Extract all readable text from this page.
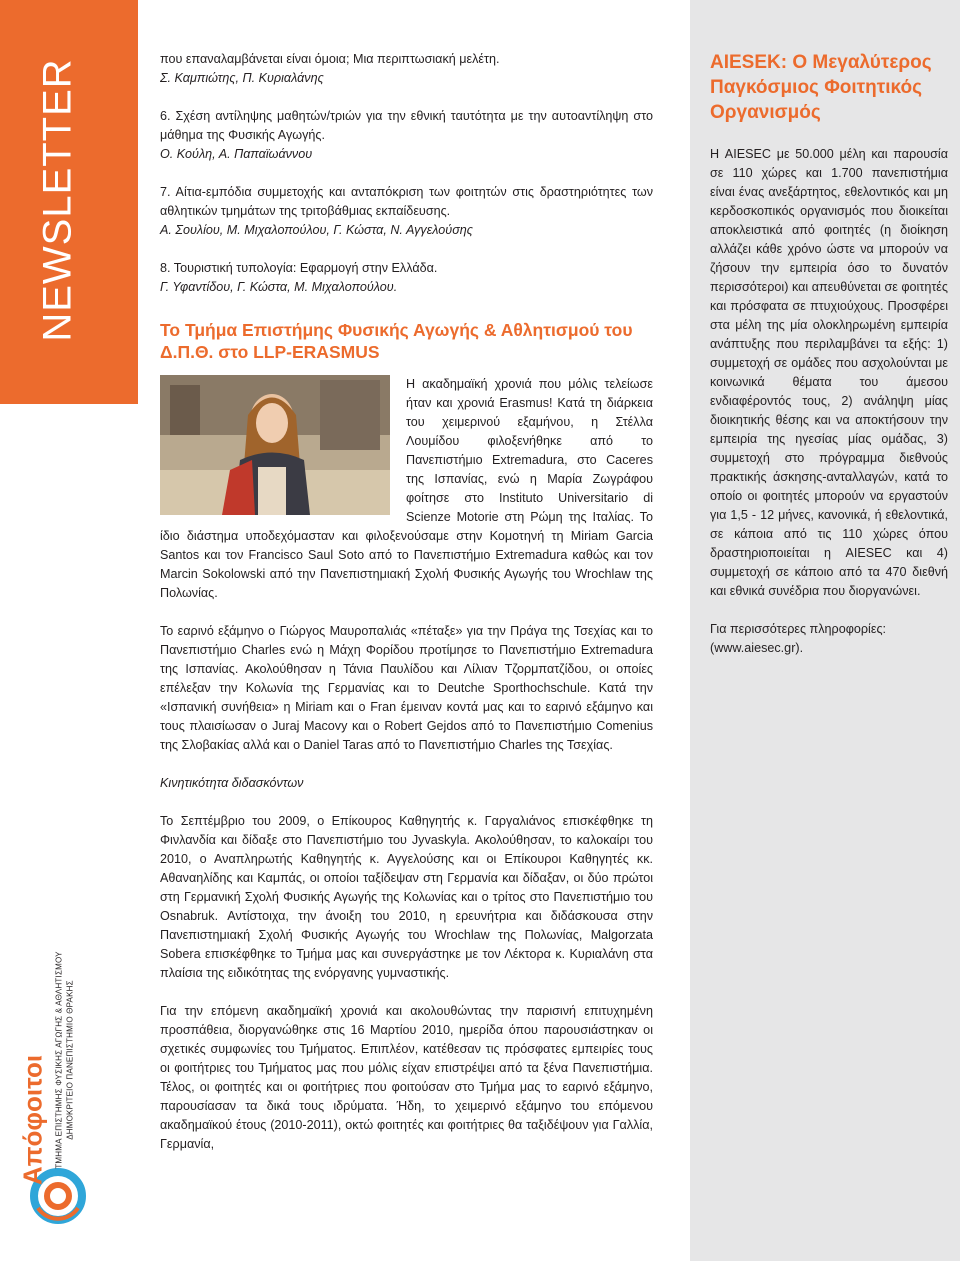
NEWSLETTER
Απόφοιτοι ΤΜΗΜΑ ΕΠΙΣΤΗΜΗΣ ΦΥΣΙΚΗΣ ΑΓΩΓΗΣ & ΑΘΛΗΤΙΣΜΟΥ ΔΗΜΟΚΡΙΤΕΙΟ ΠΑΝΕΠΙΣΤΗΜΙΟ ΘΡΑΚΗΣ

που επαναλαμβάνεται είναι όμοια; Μια περιπτωσιακή μελέτη.

Σ. Καμπιώτης, Π. Κυριαλάνης

6. Σχέση αντίληψης μαθητών/τριών για την εθνική ταυτότητα με την αυτοαντίληψη στο μάθημα της Φυσικής Αγωγής.

Ο. Κούλη, Α. Παπαϊωάννου

7. Αίτια-εμπόδια συμμετοχής και ανταπόκριση των φοιτητών στις δραστηριότητες των αθλητικών τμημάτων της τριτοβάθμιας εκπαίδευσης.

Α. Σουλίου, Μ. Μιχαλοπούλου, Γ. Κώστα, Ν. Αγγελούσης

8. Τουριστική τυπολογία: Εφαρμογή στην Ελλάδα.

Γ. Υφαντίδου, Γ. Κώστα, Μ. Μιχαλοπούλου.

Το Τμήμα Επιστήμης Φυσικής Αγωγής & Αθλητισμού του Δ.Π.Θ. στο LLP-ERASMUS

Η ακαδημαϊκή χρονιά που μόλις τελείωσε ήταν και χρονιά Erasmus! Κατά τη διάρκεια του χειμερινού εξαμήνου, η Στέλλα Λουμίδου φιλοξενήθηκε από το Πανεπιστήμιο Extremadura, στο Caceres της Ισπανίας, ενώ η Μαρία Ζωγράφου φοίτησε στο Instituto Universitario di Scienze Motorie στη Ρώμη της Ιταλίας. Το ίδιο διάστημα υποδεχόμασταν και φιλοξενούσαμε στην Κομοτηνή τη Miriam Garcia Santos και τον Francisco Saul Soto από το Πανεπιστήμιο Extremadura καθώς και τον Marcin Sokolowski από την Πανεπιστημιακή Σχολή Φυσικής Αγωγής του Wrochlaw της Πολωνίας.

Το εαρινό εξάμηνο ο Γιώργος Μαυροπαλιάς «πέταξε» για την Πράγα της Τσεχίας και το Πανεπιστήμιο Charles ενώ η Μάχη Φορίδου προτίμησε το Πανεπιστήμιο Extremadura της Ισπανίας. Ακολούθησαν η Τάνια Παυλίδου και Λίλιαν Τζορμπατζίδου, οι οποίες επέλεξαν την Κολωνία της Γερμανίας και το Deutche Sporthochschule. Κατά την «Ισπανική συνήθεια» η Miriam και ο Fran έμειναν κοντά μας και το εαρινό εξάμηνο και τους πλαισίωσαν ο Juraj Macovy και ο Robert Gejdos από το Πανεπιστήμιο Comenius της Σλοβακίας αλλά και ο Daniel Taras από το Πανεπιστήμιο Charles της Τσεχίας.

Κινητικότητα διδασκόντων

Το Σεπτέμβριο του 2009, ο Επίκουρος Καθηγητής κ. Γαργαλιάνος επισκέφθηκε τη Φινλανδία και δίδαξε στο Πανεπιστήμιο του Jyvaskyla. Ακολούθησαν, το καλοκαίρι του 2010, ο Αναπληρωτής Καθηγητής κ. Αγγελούσης και οι Επίκουροι Καθηγητές κκ. Αθαναηλίδης και Καμπάς, οι οποίοι ταξίδεψαν στη Γερμανία και δίδαξαν, οι δύο πρώτοι στη Γερμανική Σχολή Φυσικής Αγωγής της Κολωνίας και ο τρίτος στο Πανεπιστήμιο του Osnabruk. Αντίστοιχα, την άνοιξη του 2010, η ερευνήτρια και διδάσκουσα στην Πανεπιστημιακή Σχολή Φυσικής Αγωγής του Wrochlaw της Πολωνίας, Malgorzata Sobera επισκέφθηκε το Τμήμα μας και συνεργάστηκε με τον Λέκτορα κ. Κυριαλάνη στα πλαίσια της ειδικότητας της ενόργανης γυμναστικής.

Για την επόμενη ακαδημαϊκή χρονιά και ακολουθώντας την παρισινή επιτυχημένη προσπάθεια, διοργανώθηκε στις 16 Μαρτίου 2010, ημερίδα όπου παρουσιάστηκαν οι σχετικές συμφωνίες του Τμήματος. Επιπλέον, κατέθεσαν τις πρόσφατες εμπειρίες τους οι φοιτήτριες του Τμήματος μας που μόλις είχαν επιστρέψει από τα ξένα Πανεπιστήμια. Τέλος, οι φοιτητές και οι φοιτήτριες που φοιτούσαν στο Τμήμα μας το εαρινό εξάμηνο, παρουσίασαν τα δικά τους ιδρύματα. Ήδη, το χειμερινό εξάμηνο του επόμενου ακαδημαϊκού έτους (2010-2011), οκτώ φοιτητές και φοιτήτριες θα ταξιδέψουν για Γαλλία, Γερμανία,

AIESEK: Ο Μεγαλύτερος Παγκόσμιος Φοιτητικός Οργανισμός

Η AIESEC με 50.000 μέλη και παρουσία σε 110 χώρες και 1.700 πανεπιστήμια είναι ένας ανεξάρτητος, εθελοντικός και μη κερδοσκοπικός οργανισμός που διοικείται αποκλειστικά από φοιτητές (η διοίκηση αλλάζει κάθε χρόνο ώστε να μπορούν να ζήσουν την εμπειρία όσο το δυνατόν περισσότεροι) και απευθύνεται σε φοιτητές και πρόσφατα σε πτυχιούχους. Προσφέρει στα μέλη της μία ολοκληρωμένη εμπειρία ανάπτυξης που περιλαμβάνει τα εξής: 1) συμμετοχή σε ομάδες που ασχολούνται με κοινωνικά θέματα του άμεσου ενδιαφέροντός τους, 2) ανάληψη μίας διοικητικής θέσης και να αποκτήσουν την εμπειρία της ηγεσίας μίας ομάδας, 3) συμμετοχή στο πρόγραμμα διεθνούς πρακτικής άσκησης-ανταλλαγών, κατά το οποίο οι φοιτητές μπορούν να εργαστούν για 1,5 - 12 μήνες, κανονικά, ή εθελοντικά, σε κάποια από τις 110 χώρες όπου δραστηριοποιείται η AIESEC και 4) συμμετοχή σε κάποιο από τα 470 διεθνή και εθνικά συνέδρια που διοργανώνει.

Για περισσότερες πληροφορίες: (www.aiesec.gr).
